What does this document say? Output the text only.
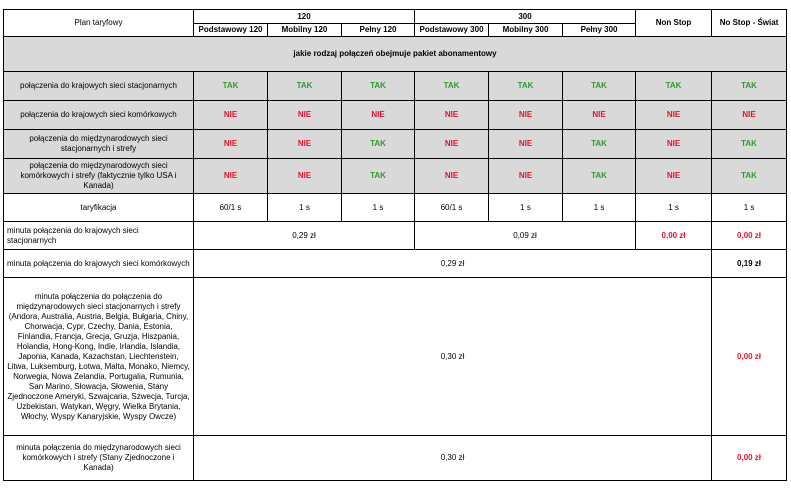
Plan taryfowy	120			300			Non Stop	No Stop - Świat
	Podstawowy 120	Mobilny 120	Pełny 120	Podstawowy 300	Mobilny 300	Pełny 300		
jakie rodzaj połączeń obejmuje pakiet abonamentowy								
połączenia do krajowych sieci stacjonarnych	TAK	TAK	TAK	TAK	TAK	TAK	TAK	TAK
połączenia do krajowych sieci komórkowych	NIE	NIE	NIE	NIE	NIE	NIE	NIE	NIE
połączenia do międzynarodowych sieci stacjonarnych i strefy	NIE	NIE	TAK	NIE	NIE	TAK	NIE	TAK
połączenia do międzynarodowych sieci komórkowych i strefy (faktycznie tylko USA i Kanada)	NIE	NIE	TAK	NIE	NIE	TAK	NIE	TAK
taryfikacja	60/1 s	1 s	1 s	60/1 s	1 s	1 s	1 s	1 s
minuta połączenia do krajowych sieci stacjonarnych	0,29 zł			0,09 zł			0,00 zł	0,00 zł
minuta połączenia do krajowych sieci komórkowych	0,29 zł							0,19 zł
minuta połączenia do połączenia do międzynarodowych sieci stacjonarnych i strefy (Andora, Australia, Austria, Belgia, Bułgaria, Chiny, Chorwacja, Cypr, Czechy, Dania, Estonia, Finlandia, Francja, Grecja, Gruzja, Hiszpania, Holandia, Hong-Kong, Indie, Irlandia, Islandia, Japonia, Kanada, Kazachstan, Liechtenstein, Litwa, Luksemburg, Łotwa, Malta, Monako, Niemcy, Norwegia, Nowa Zelandia, Portugalia, Rumunia, San Marino, Słowacja, Słowenia, Stany Zjednoczone Ameryki, Szwajcaria, Szwecja, Turcja, Uzbekistan, Watykan, Węgry, Wielka Brytania, Włochy, Wyspy Kanaryjskie, Wyspy Owcze)	0,30 zł							0,00 zł
minuta połączenia do międzynarodowych sieci komórkowych i strefy (Stany Zjednoczone i Kanada)	0,30 zł							0,00 zł
